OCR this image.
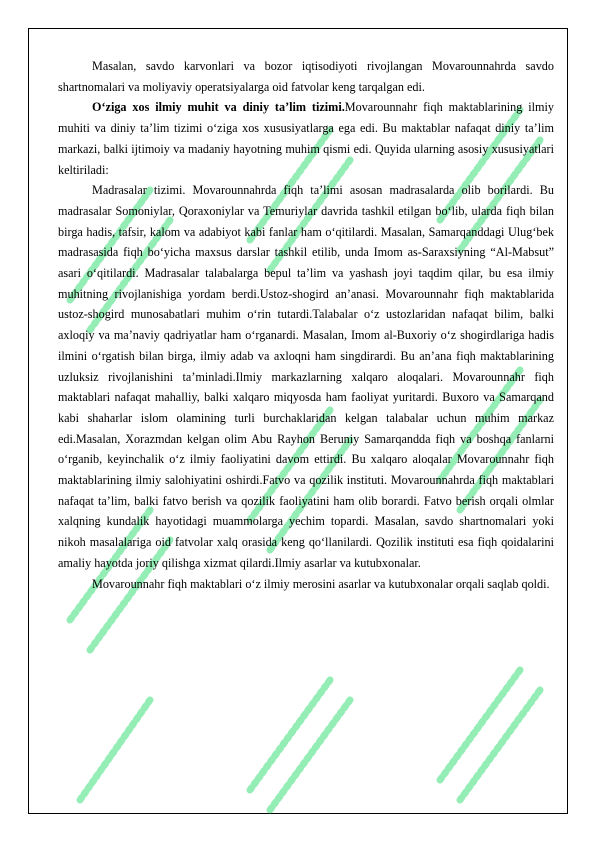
Masalan, savdo karvonlari va bozor iqtisodiyoti rivojlangan Movarounnahrda savdo shartnomalari va moliyaviy operatsiyalarga oid fatvolar keng tarqalgan edi.

O‘ziga xos ilmiy muhit va diniy ta’lim tizimi.Movarounnahr fiqh maktablarining ilmiy muhiti va diniy ta’lim tizimi o‘ziga xos xususiyatlarga ega edi. Bu maktablar nafaqat diniy ta’lim markazi, balki ijtimoiy va madaniy hayotning muhim qismi edi. Quyida ularning asosiy xususiyatlari keltiriladi:

Madrasalar tizimi. Movarounnahrda fiqh ta’limi asosan madrasalarda olib borilardi. Bu madrasalar Somoniylar, Qoraxoniylar va Temuriylar davrida tashkil etilgan bo‘lib, ularda fiqh bilan birga hadis, tafsir, kalom va adabiyot kabi fanlar ham o‘qitilardi. Masalan, Samarqanddagi Ulug‘bek madrasasida fiqh bo‘yicha maxsus darslar tashkil etilib, unda Imom as-Saraxsiyning “Al-Mabsut” asari o‘qitilardi. Madrasalar talabalarga bepul ta’lim va yashash joyi taqdim qilar, bu esa ilmiy muhitning rivojlanishiga yordam berdi.Ustoz-shogird an’anasi. Movarounnahr fiqh maktablarida ustoz-shogird munosabatlari muhim o‘rin tutardi.Talabalar o‘z ustozlaridan nafaqat bilim, balki axloqiy va ma’naviy qadriyatlar ham o‘rganardi. Masalan, Imom al-Buxoriy o‘z shogirdlariga hadis ilmini o‘rgatish bilan birga, ilmiy adab va axloqni ham singdirardi. Bu an’ana fiqh maktablarining uzluksiz rivojlanishini ta’minladi.Ilmiy markazlarning xalqaro aloqalari. Movarounnahr fiqh maktablari nafaqat mahalliy, balki xalqaro miqyosda ham faoliyat yuritardi. Buxoro va Samarqand kabi shaharlar islom olamining turli burchaklaridan kelgan talabalar uchun muhim markaz edi.Masalan, Xorazmdan kelgan olim Abu Rayhon Beruniy Samarqandda fiqh va boshqa fanlarni o‘rganib, keyinchalik o‘z ilmiy faoliyatini davom ettirdi. Bu xalqaro aloqalar Movarounnahr fiqh maktablarining ilmiy salohiyatini oshirdi.Fatvo va qozilik instituti. Movarounnahrda fiqh maktablari nafaqat ta’lim, balki fatvo berish va qozilik faoliyatini ham olib borardi. Fatvo berish orqali olmlar xalqning kundalik hayotidagi muammolarga yechim topardi. Masalan, savdo shartnomalari yoki nikoh masalalariga oid fatvolar xalq orasida keng qo‘llanilardi. Qozilik instituti esa fiqh qoidalarini amaliy hayotda joriy qilishga xizmat qilardi.Ilmiy asarlar va kutubxonalar.

Movarounnahr fiqh maktablari o‘z ilmiy merosini asarlar va kutubxonalar orqali saqlab qoldi.
